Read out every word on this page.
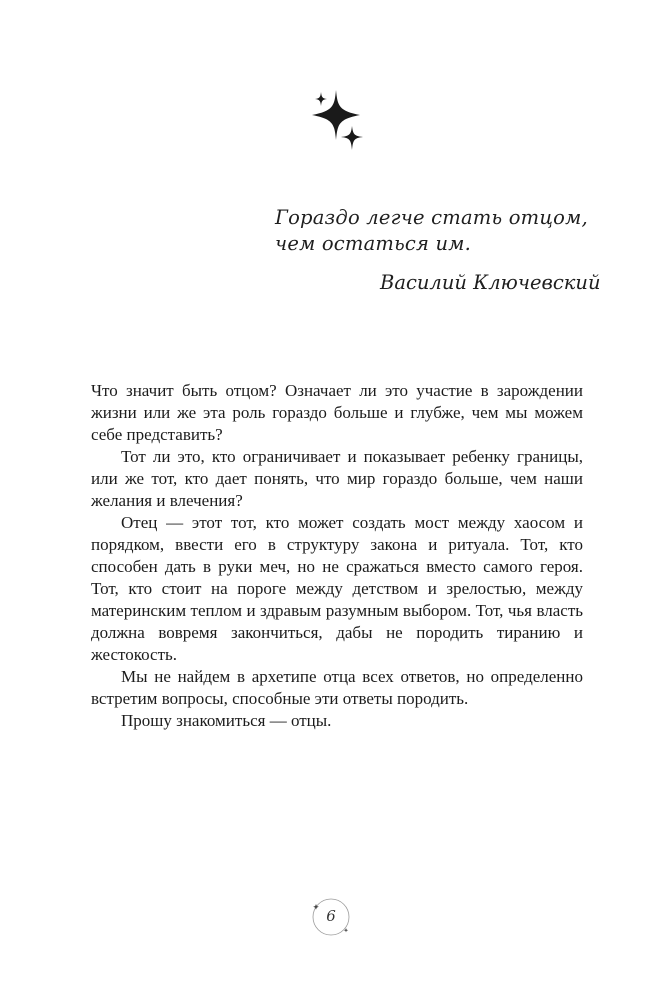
Гораздо легче стать отцом,
чем остаться им.
Василий Ключевский

Что значит быть отцом? Означает ли это участие в зарождении жизни или же эта роль гораздо больше и глубже, чем мы можем себе представить?

Тот ли это, кто ограничивает и показывает ребенку границы, или же тот, кто дает понять, что мир гораздо больше, чем наши желания и влечения?

Отец — этот тот, кто может создать мост между хаосом и порядком, ввести его в структуру закона и ритуала. Тот, кто способен дать в руки меч, но не сражаться вместо самого героя. Тот, кто стоит на пороге между детством и зрелостью, между материнским теплом и здравым разумным выбором. Тот, чья власть должна вовремя закончиться, дабы не породить тиранию и жестокость.

Мы не найдем в архетипе отца всех ответов, но определенно встретим вопросы, способные эти ответы породить.

Прошу знакомиться — отцы.

6
